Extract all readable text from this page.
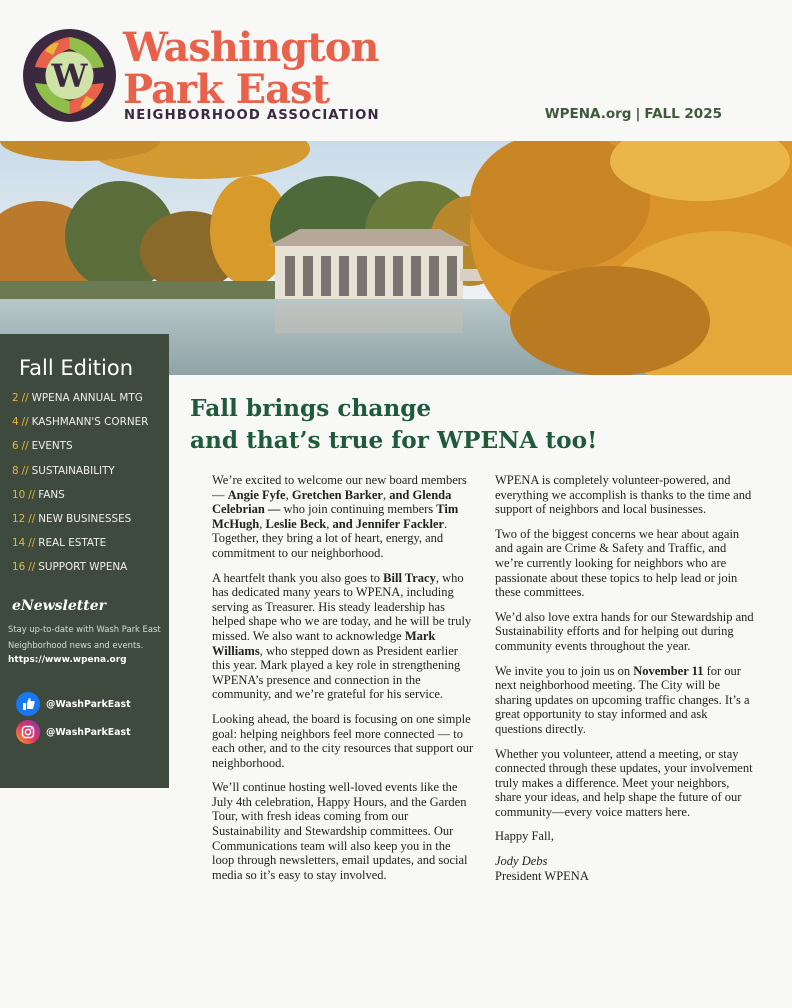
W
Washington
Park East
NEIGHBORHOOD ASSOCIATION	WPENA.org | FALL 2025
Fall Edition
2 // WPENA ANNUAL MTG
4 // KASHMANN'S CORNER
6 // EVENTS
8 // SUSTAINABILITY
10 // FANS
12 // NEW BUSINESSES
14 // REAL ESTATE
16 // SUPPORT WPENA
eNewsletter
Stay up-to-date with Wash Park East Neighborhood news and events.
https://www.wpena.org
@WashParkEast
@WashParkEast
Fall brings change
and that’s true for WPENA too!

We’re excited to welcome our new board members — Angie Fyfe, Gretchen Barker, and Glenda Celebrian — who join continuing members Tim McHugh, Leslie Beck, and Jennifer Fackler. Together, they bring a lot of heart, energy, and commitment to our neighborhood.

A heartfelt thank you also goes to Bill Tracy, who has dedicated many years to WPENA, including serving as Treasurer. His steady leadership has helped shape who we are today, and he will be truly missed. We also want to acknowledge Mark Williams, who stepped down as President earlier this year. Mark played a key role in strengthening WPENA’s presence and connection in the community, and we’re grateful for his service.

Looking ahead, the board is focusing on one simple goal: helping neighbors feel more connected — to each other, and to the city resources that support our neighborhood.

We’ll continue hosting well-loved events like the July 4th celebration, Happy Hours, and the Garden Tour, with fresh ideas coming from our Sustainability and Stewardship committees. Our Communications team will also keep you in the loop through newsletters, email updates, and social media so it’s easy to stay involved.

WPENA is completely volunteer-powered, and everything we accomplish is thanks to the time and support of neighbors and local businesses.

Two of the biggest concerns we hear about again and again are Crime & Safety and Traffic, and we’re currently looking for neighbors who are passionate about these topics to help lead or join these committees.

We’d also love extra hands for our Stewardship and Sustainability efforts and for helping out during community events throughout the year.

We invite you to join us on November 11 for our next neighborhood meeting. The City will be sharing updates on upcoming traffic changes. It’s a great opportunity to stay informed and ask questions directly.

Whether you volunteer, attend a meeting, or stay connected through these updates, your involvement truly makes a difference. Meet your neighbors, share your ideas, and help shape the future of our community—every voice matters here.

Happy Fall,

Jody Debs

President WPENA
